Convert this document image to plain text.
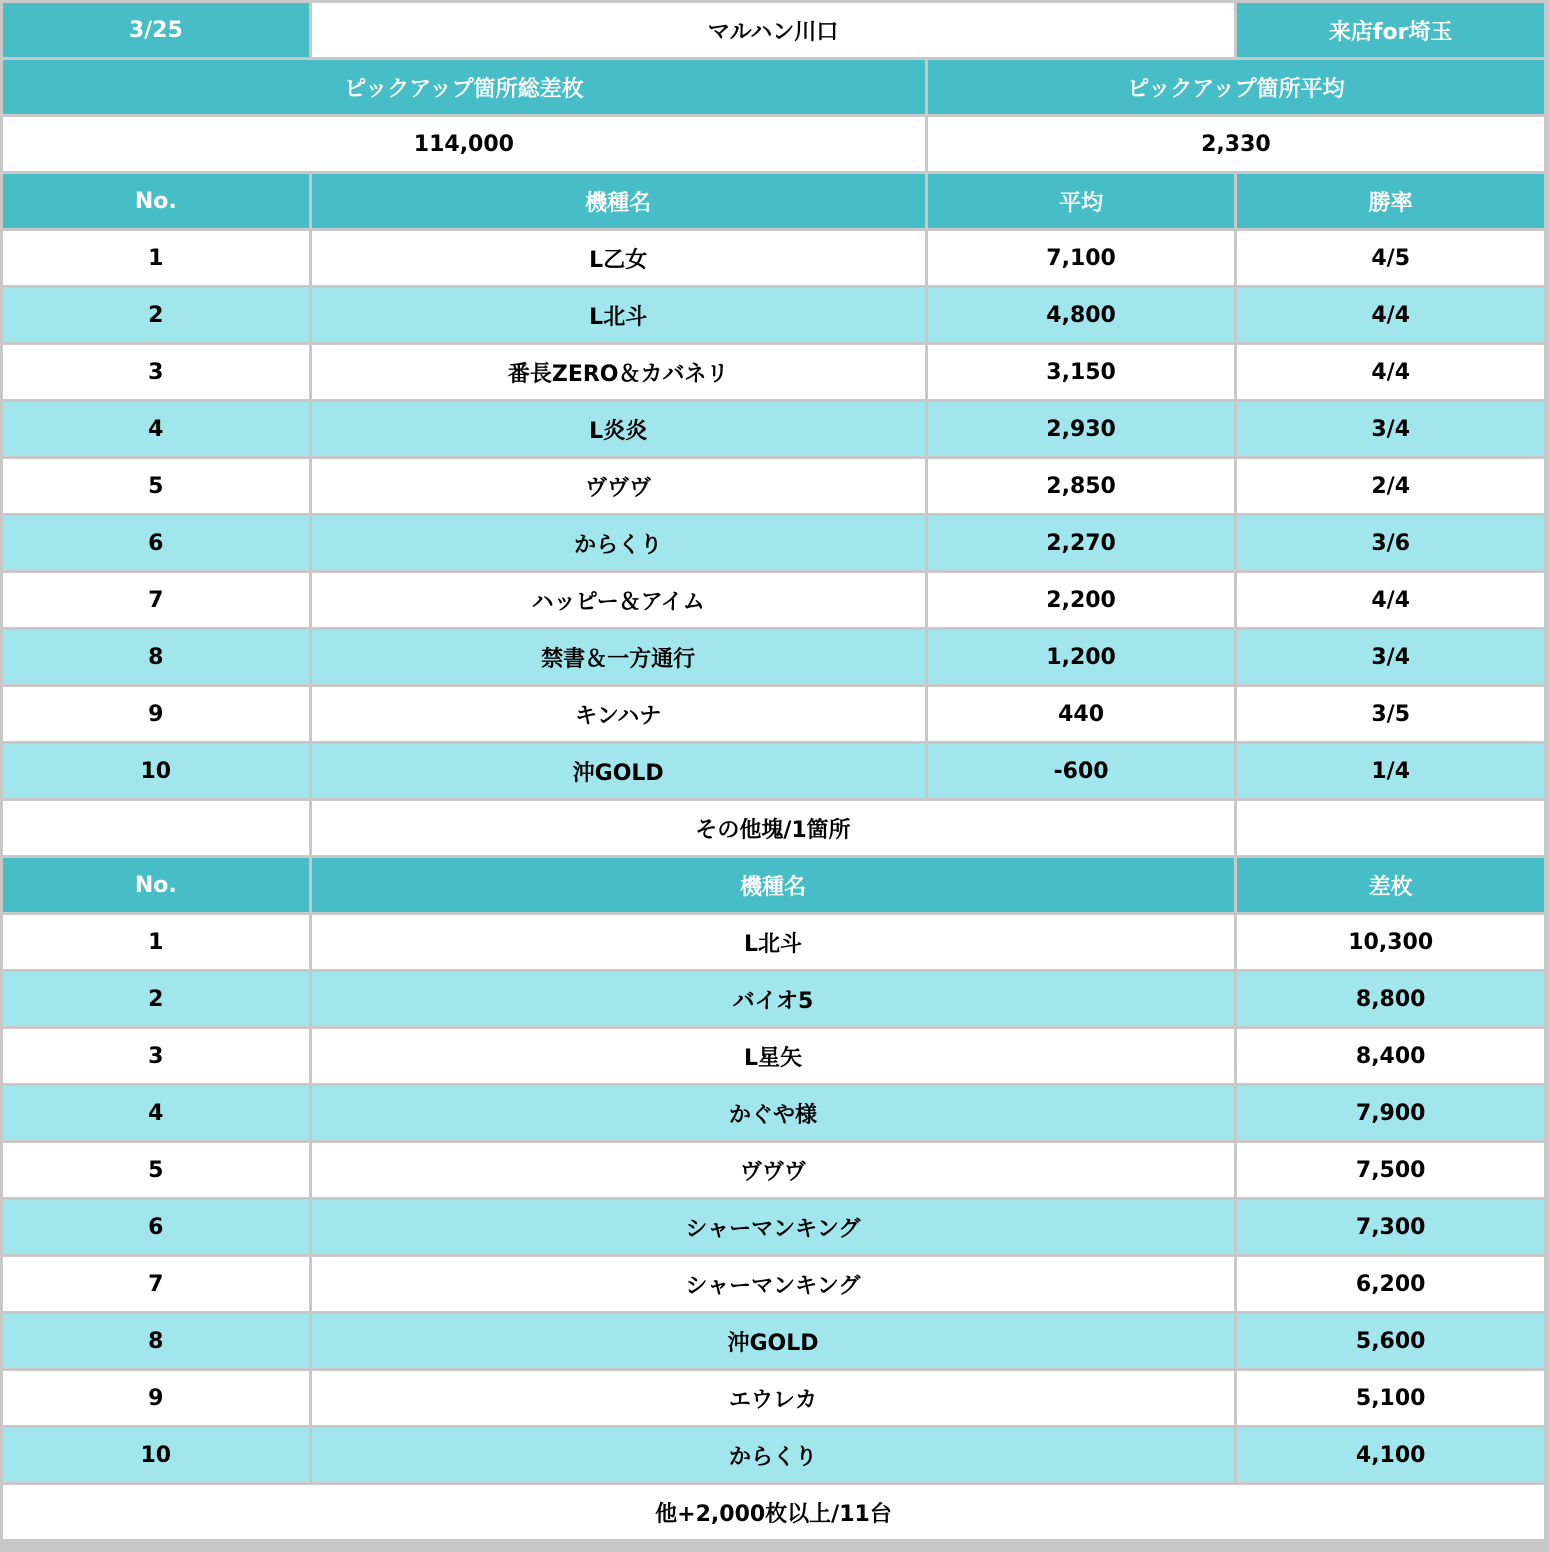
3/25	マルハン川口		来店for埼玉
ピックアップ箇所総差枚		ピックアップ箇所平均	
114,000		2,330	
No.	機種名	平均	勝率
1	L乙女	7,100	4/5
2	L北斗	4,800	4/4
3	番長ZERO＆カバネリ	3,150	4/4
4	L炎炎	2,930	3/4
5	ヴヴヴ	2,850	2/4
6	からくり	2,270	3/6
7	ハッピー＆アイム	2,200	4/4
8	禁書＆一方通行	1,200	3/4
9	キンハナ	440	3/5
10	沖GOLD	-600	1/4
	その他塊/1箇所		
No.	機種名		差枚
1	L北斗		10,300
2	バイオ5		8,800
3	L星矢		8,400
4	かぐや様		7,900
5	ヴヴヴ		7,500
6	シャーマンキング		7,300
7	シャーマンキング		6,200
8	沖GOLD		5,600
9	エウレカ		5,100
10	からくり		4,100
他+2,000枚以上/11台			
